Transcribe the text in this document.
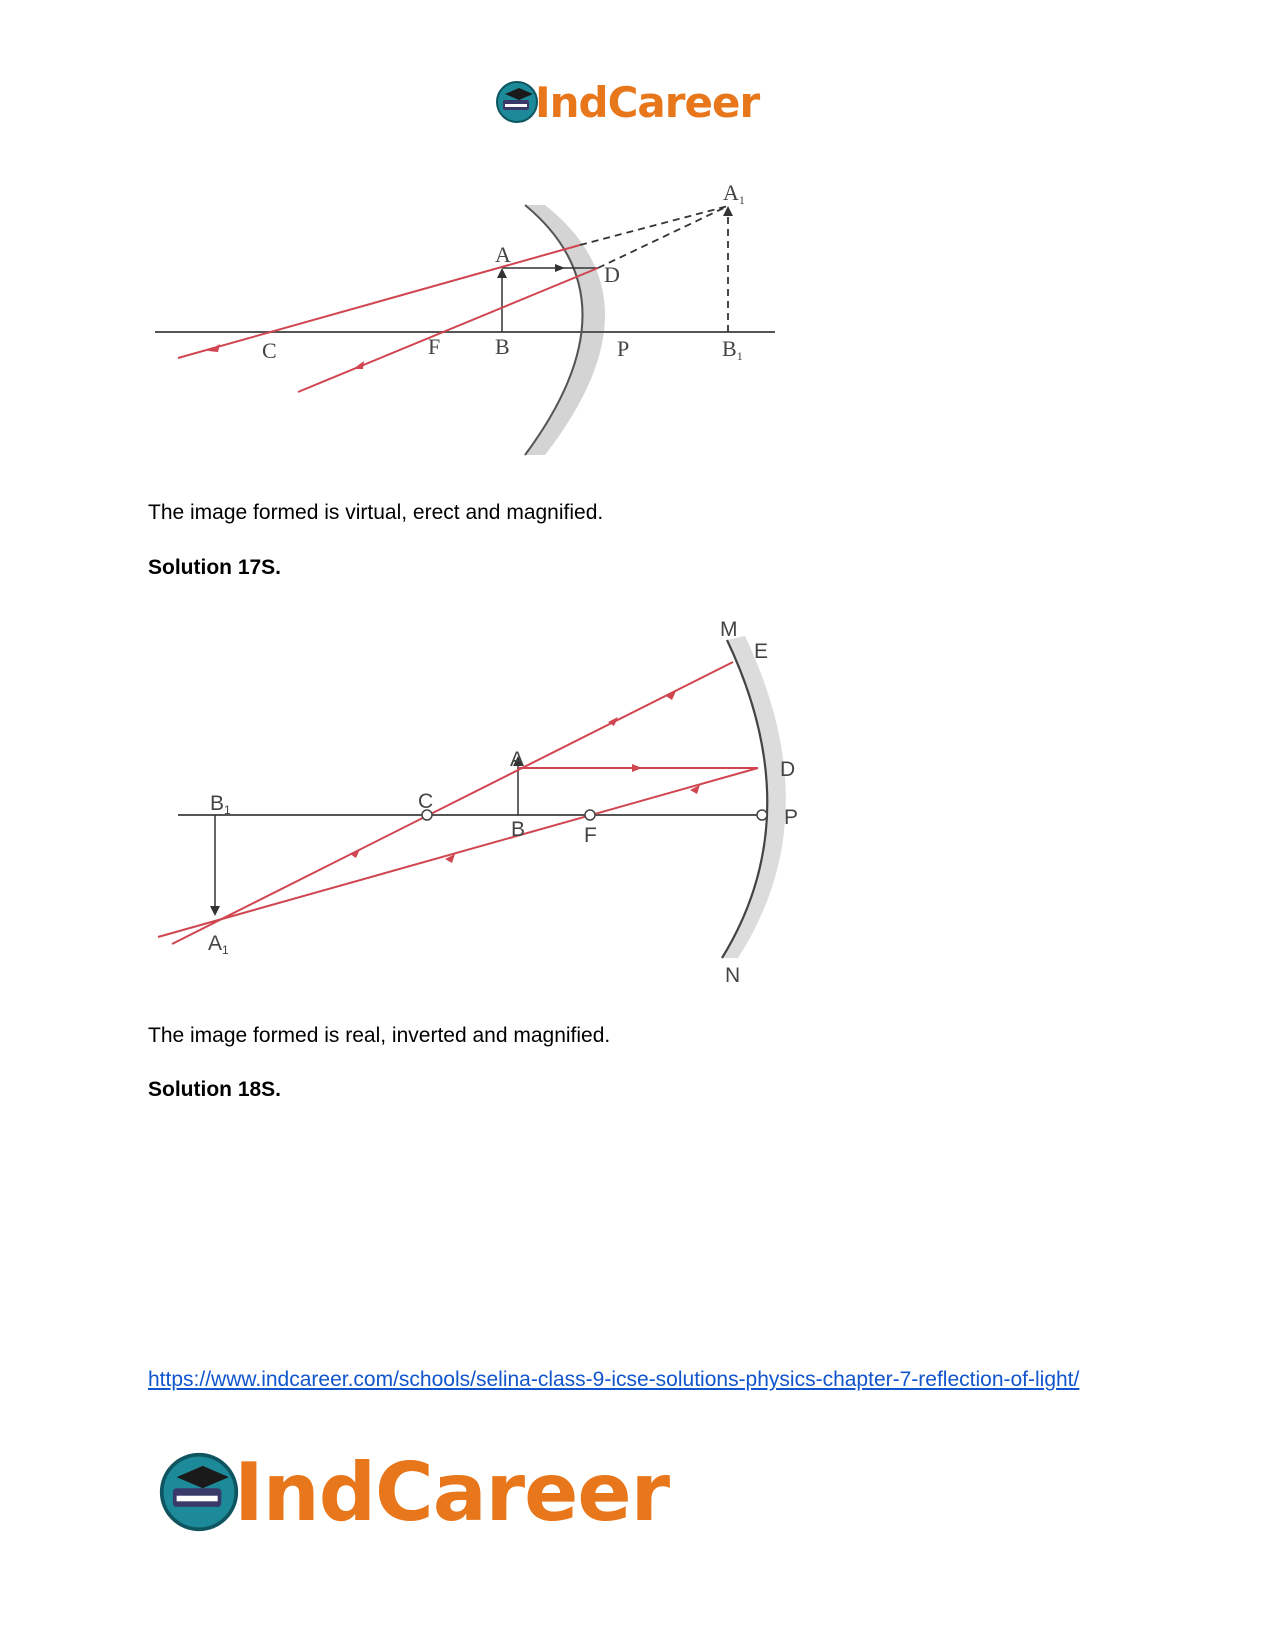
IndCareer
A1
A
D
C	F B	P	B1
The image formed is virtual, erect and magnified.
Solution 17S.
M
E
A	D
B1	C
P
B	F
A1
N
The image formed is real, inverted and magnified.
Solution 18S.
https://www.indcareer.com/schools/selina-class-9-icse-solutions-physics-chapter-7-reflection-of-light/
IndCareer
